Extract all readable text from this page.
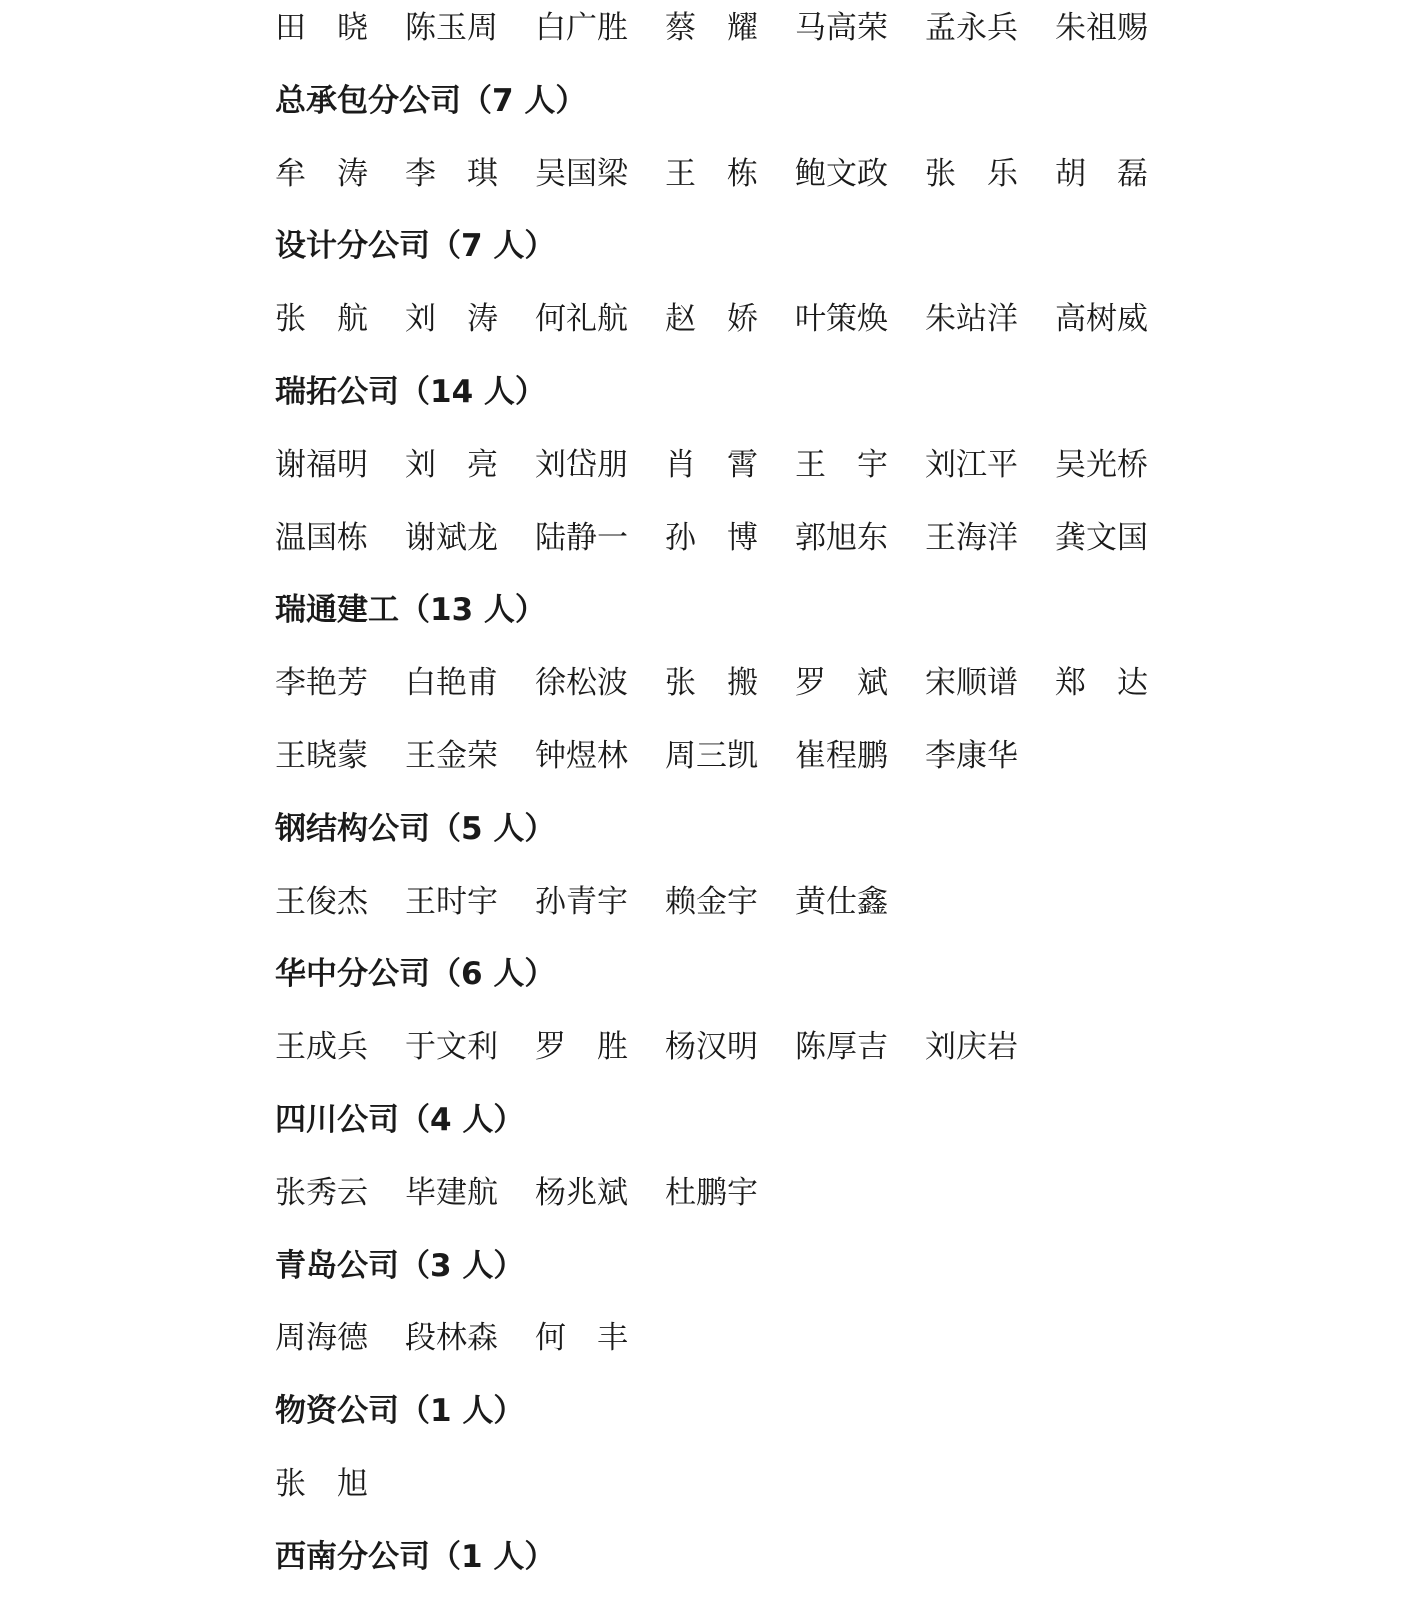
田　晓 陈玉周 白广胜 蔡　耀 马高荣 孟永兵 朱祖赐
总承包分公司（7 人）
牟　涛 李　琪 吴国梁 王　栋 鲍文政 张　乐 胡　磊
设计分公司（7 人）
张　航 刘　涛 何礼航 赵　娇 叶策焕 朱站洋 高树威
瑞拓公司（14 人）
谢福明 刘　亮 刘岱朋 肖　霄 王　宇 刘江平 吴光桥
温国栋 谢斌龙 陆静一 孙　博 郭旭东 王海洋 龚文国
瑞通建工（13 人）
李艳芳 白艳甫 徐松波 张　搬 罗　斌 宋顺谱 郑　达
王晓蒙 王金荣 钟煜林 周三凯 崔程鹏 李康华
钢结构公司（5 人）
王俊杰 王时宇 孙青宇 赖金宇 黄仕鑫
华中分公司（6 人）
王成兵 于文利 罗　胜 杨汉明 陈厚吉 刘庆岩
四川公司（4 人）
张秀云 毕建航 杨兆斌 杜鹏宇
青岛公司（3 人）
周海德 段林森 何　丰
物资公司（1 人）
张　旭
西南分公司（1 人）
